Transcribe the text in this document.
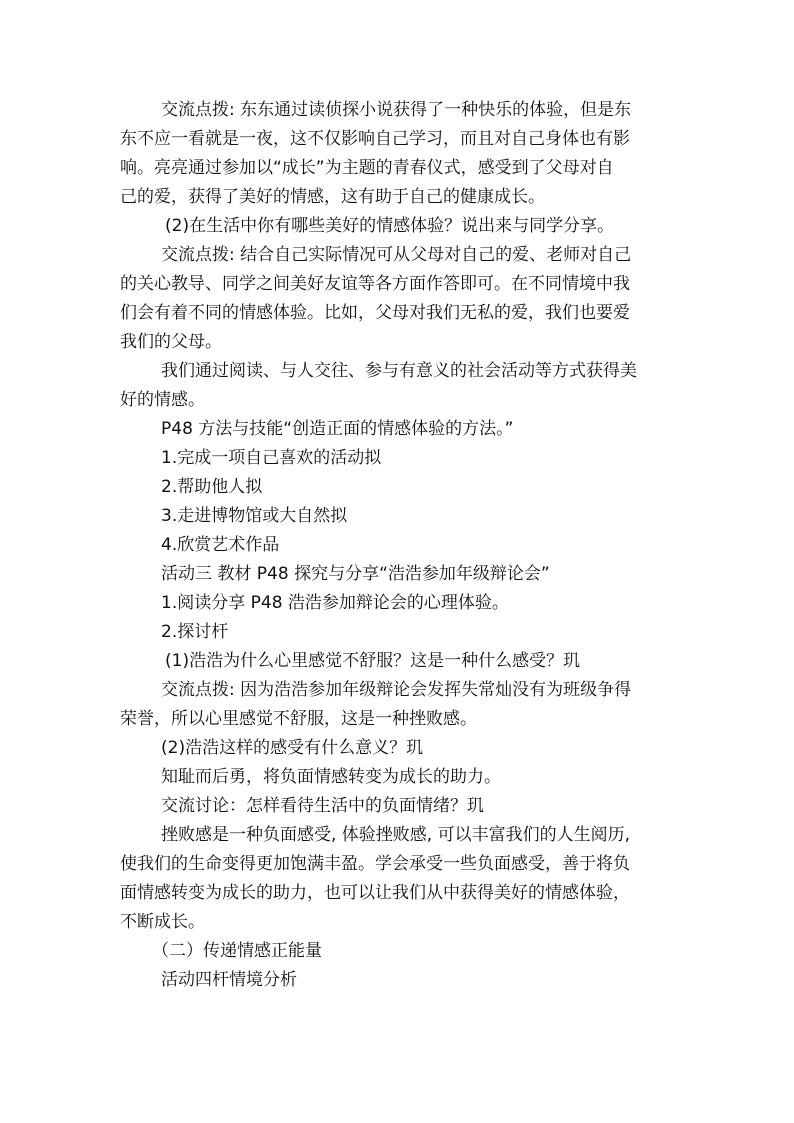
交流点拨: 东东通过读侦探小说获得了一种快乐的体验，但是东

东不应一看就是一夜，这不仅影响自己学习，而且对自己身体也有影

响。亮亮通过参加以“成长”为主题的青春仪式，感受到了父母对自

己的爱，获得了美好的情感，这有助于自己的健康成长。

(2)在生活中你有哪些美好的情感体验？说出来与同学分享。

交流点拨: 结合自己实际情况可从父母对自己的爱、老师对自己

的关心教导、同学之间美好友谊等各方面作答即可。在不同情境中我

们会有着不同的情感体验。比如，父母对我们无私的爱，我们也要爱

我们的父母。

我们通过阅读、与人交往、参与有意义的社会活动等方式获得美

好的情感。

P48 方法与技能“创造正面的情感体验的方法。”

1.完成一项自己喜欢的活动拟

2.帮助他人拟

3.走进博物馆或大自然拟

4.欣赏艺术作品

活动三 教材 P48 探究与分享“浩浩参加年级辩论会”

1.阅读分享 P48 浩浩参加辩论会的心理体验。

2.探讨杆

(1)浩浩为什么心里感觉不舒服？这是一种什么感受？玑

交流点拨: 因为浩浩参加年级辩论会发挥失常灿没有为班级争得

荣誉，所以心里感觉不舒服，这是一种挫败感。

(2)浩浩这样的感受有什么意义？玑

知耻而后勇，将负面情感转变为成长的助力。

交流讨论：怎样看待生活中的负面情绪？玑

挫败感是一种负面感受, 体验挫败感, 可以丰富我们的人生阅历,

使我们的生命变得更加饱满丰盈。学会承受一些负面感受，善于将负

面情感转变为成长的助力，也可以让我们从中获得美好的情感体验，

不断成长。

（二）传递情感正能量

活动四杆情境分析
